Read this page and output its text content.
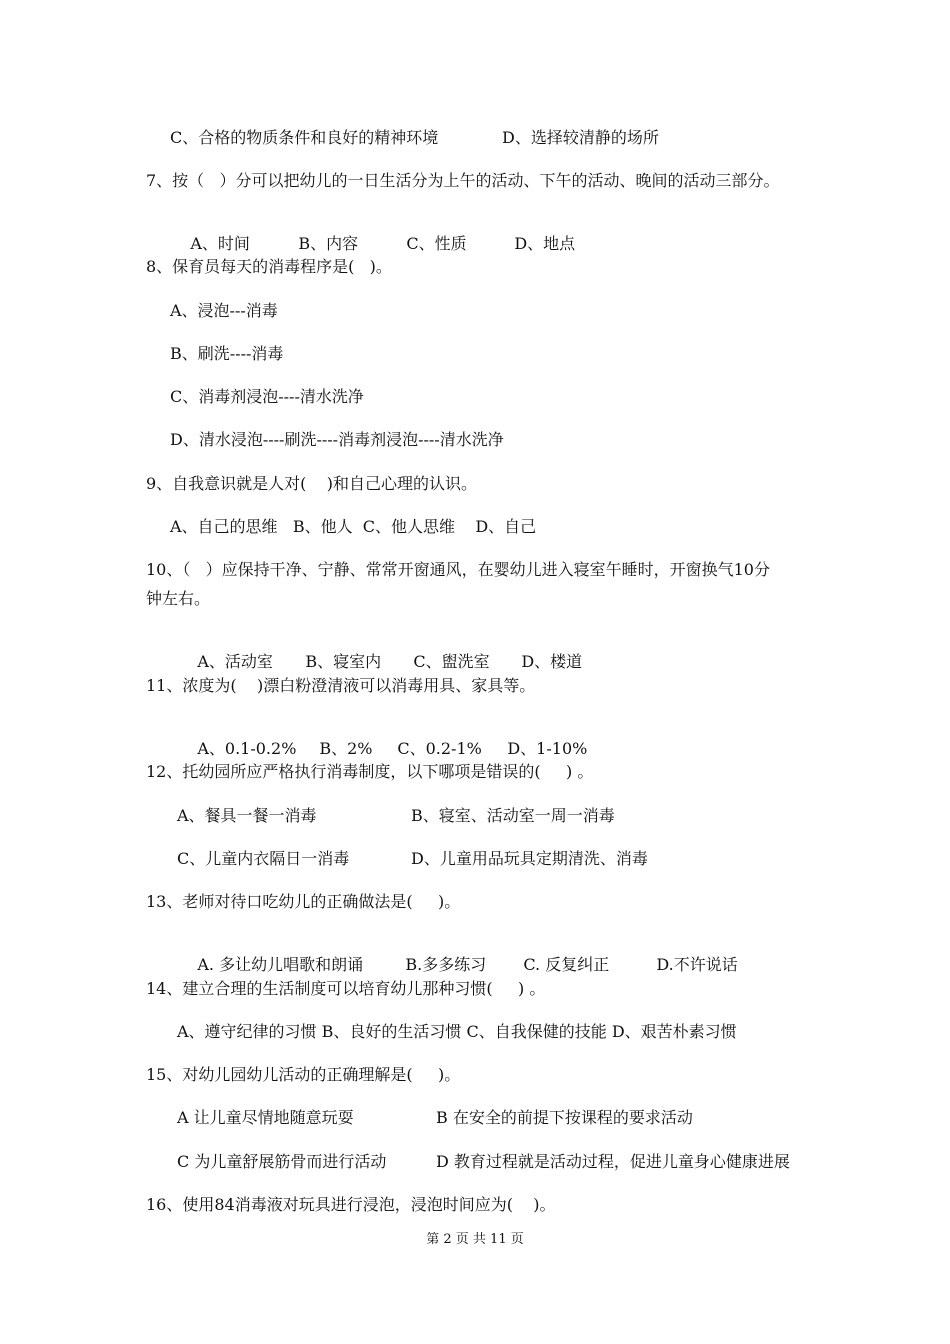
C、合格的物质条件和良好的精神环境	D、选择较清静的场所
7、按（   ）分可以把幼儿的一日生活分为上午的活动、下午的活动、晚间的活动三部分。

A、时间	B、内容	C、性质	D、地点

8、保育员每天的消毒程序是(   )。
A、浸泡---消毒
B、刷洗----消毒
C、消毒剂浸泡----清水洗净
D、清水浸泡----刷洗----消毒剂浸泡----清水洗净
9、自我意识就是人对(    )和自己心理的认识。
A、自己的思维   B、他人  C、他人思维    D、自己
10、（   ）应保持干净、宁静、常常开窗通风，在婴幼儿进入寝室午睡时，开窗换气10分
钟左右。

A、活动室 B、寝室内 C、盥洗室 D、楼道

11、浓度为(    )漂白粉澄清液可以消毒用具、家具等。

A、0.1-0.2% B、2% C、0.2-1% D、1-10%

12、托幼园所应严格执行消毒制度，以下哪项是错误的(     ) 。
A、餐具一餐一消毒	B、寝室、活动室一周一消毒
C、儿童内衣隔日一消毒	D、儿童用品玩具定期清洗、消毒
13、老师对待口吃幼儿的正确做法是(     )。

A. 多让幼儿唱歌和朗诵	B.多多练习 C. 反复纠正	D.不许说话

14、建立合理的生活制度可以培育幼儿那种习惯(     ) 。
A、遵守纪律的习惯 B、良好的生活习惯 C、自我保健的技能 D、艰苦朴素习惯
15、对幼儿园幼儿活动的正确理解是(     )。
A 让儿童尽情地随意玩耍	B 在安全的前提下按课程的要求活动
C 为儿童舒展筋骨而进行活动	D 教育过程就是活动过程，促进儿童身心健康进展
16、使用84消毒液对玩具进行浸泡，浸泡时间应为(    )。
第 2 页 共 11 页
